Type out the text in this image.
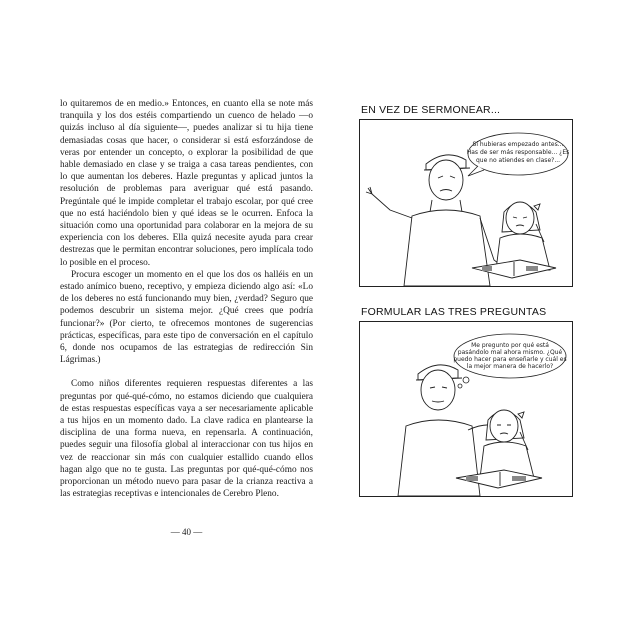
lo quitaremos de en medio.» Entonces, en cuanto ella se note más tranquila y los dos estéis compartiendo un cuenco de helado —o quizás incluso al día siguiente—, puedes analizar si tu hija tiene demasiadas cosas que hacer, o considerar si está esforzándose de veras por entender un concepto, o explorar la posibilidad de que hable demasiado en clase y se traiga a casa tareas pendientes, con lo que aumentan los deberes. Hazle preguntas y aplicad juntos la resolución de problemas para averiguar qué está pasando. Pregúntale qué le impide completar el trabajo escolar, por qué cree que no está haciéndolo bien y qué ideas se le ocurren. Enfoca la situación como una oportunidad para colaborar en la mejora de su experiencia con los deberes. Ella quizá necesite ayuda para crear destrezas que le permitan encontrar soluciones, pero implícala todo lo posible en el proceso.

Procura escoger un momento en el que los dos os halléis en un estado anímico bueno, receptivo, y empieza diciendo algo así: «Lo de los deberes no está funcionando muy bien, ¿verdad? Seguro que podemos descubrir un sistema mejor. ¿Qué crees que podría funcionar?» (Por cierto, te ofrecemos montones de sugerencias prácticas, específicas, para este tipo de conversación en el capítulo 6, donde nos ocupamos de las estrategias de redirección Sin Lágrimas.)

Como niños diferentes requieren respuestas diferentes a las preguntas por qué-qué-cómo, no estamos diciendo que cualquiera de estas respuestas específicas vaya a ser necesariamente aplicable a tus hijos en un momento dado. La clave radica en plantearse la disciplina de una forma nueva, en repensarla. A continuación, puedes seguir una filosofía global al interaccionar con tus hijos en vez de reaccionar sin más con cualquier estallido cuando ellos hagan algo que no te gusta. Las preguntas por qué-qué-cómo nos proporcionan un método nuevo para pasar de la crianza reactiva a las estrategias receptivas e intencionales de Cerebro Pleno.

— 40 —
EN VEZ DE SERMONEAR...
Si hubieras empezado antes...
Has de ser más responsable... ¿Es
que no atiendes en clase?...
FORMULAR LAS TRES PREGUNTAS
Me pregunto por qué está
pasándolo mal ahora mismo. ¿Qué
puedo hacer para enseñarle y cuál es
la mejor manera de hacerlo?
